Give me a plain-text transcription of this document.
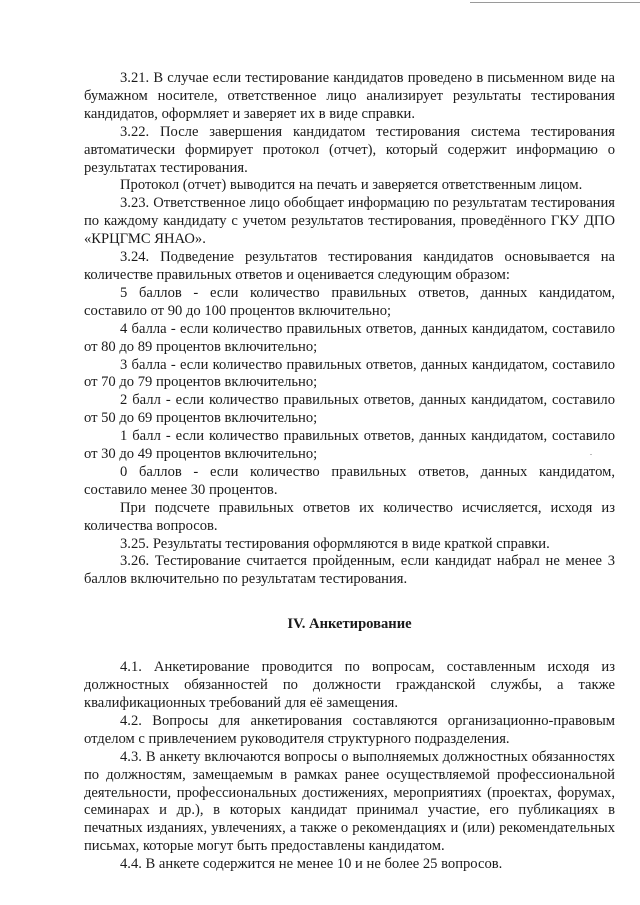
3.21. В случае если тестирование кандидатов проведено в письменном виде на бумажном носителе, ответственное лицо анализирует результаты тестирования кандидатов, оформляет и заверяет их в виде справки.

3.22. После завершения кандидатом тестирования система тестирования автоматически формирует протокол (отчет), который содержит информацию о результатах тестирования.

Протокол (отчет) выводится на печать и заверяется ответственным лицом.

3.23. Ответственное лицо обобщает информацию по результатам тестирования по каждому кандидату с учетом результатов тестирования, проведённого ГКУ ДПО «КРЦГМС ЯНАО».

3.24. Подведение результатов тестирования кандидатов основывается на количестве правильных ответов и оценивается следующим образом:

5 баллов - если количество правильных ответов, данных кандидатом, составило от 90 до 100 процентов включительно;

4 балла - если количество правильных ответов, данных кандидатом, составило от 80 до 89 процентов включительно;

3 балла - если количество правильных ответов, данных кандидатом, составило от 70 до 79 процентов включительно;

2 балл - если количество правильных ответов, данных кандидатом, составило от 50 до 69 процентов включительно;

1 балл - если количество правильных ответов, данных кандидатом, составило от 30 до 49 процентов включительно;

0 баллов - если количество правильных ответов, данных кандидатом, составило менее 30 процентов.

При подсчете правильных ответов их количество исчисляется, исходя из количества вопросов.

3.25. Результаты тестирования оформляются в виде краткой справки.

3.26. Тестирование считается пройденным, если кандидат набрал не менее 3 баллов включительно по результатам тестирования.

IV. Анкетирование

4.1. Анкетирование проводится по вопросам, составленным исходя из должностных обязанностей по должности гражданской службы, а также квалификационных требований для её замещения.

4.2. Вопросы для анкетирования составляются организационно-правовым отделом с привлечением руководителя структурного подразделения.

4.3. В анкету включаются вопросы о выполняемых должностных обязанностях по должностям, замещаемым в рамках ранее осуществляемой профессиональной деятельности, профессиональных достижениях, мероприятиях (проектах, форумах, семинарах и др.), в которых кандидат принимал участие, его публикациях в печатных изданиях, увлечениях, а также о рекомендациях и (или) рекомендательных письмах, которые могут быть предоставлены кандидатом.

4.4. В анкете содержится не менее 10 и не более 25 вопросов.
